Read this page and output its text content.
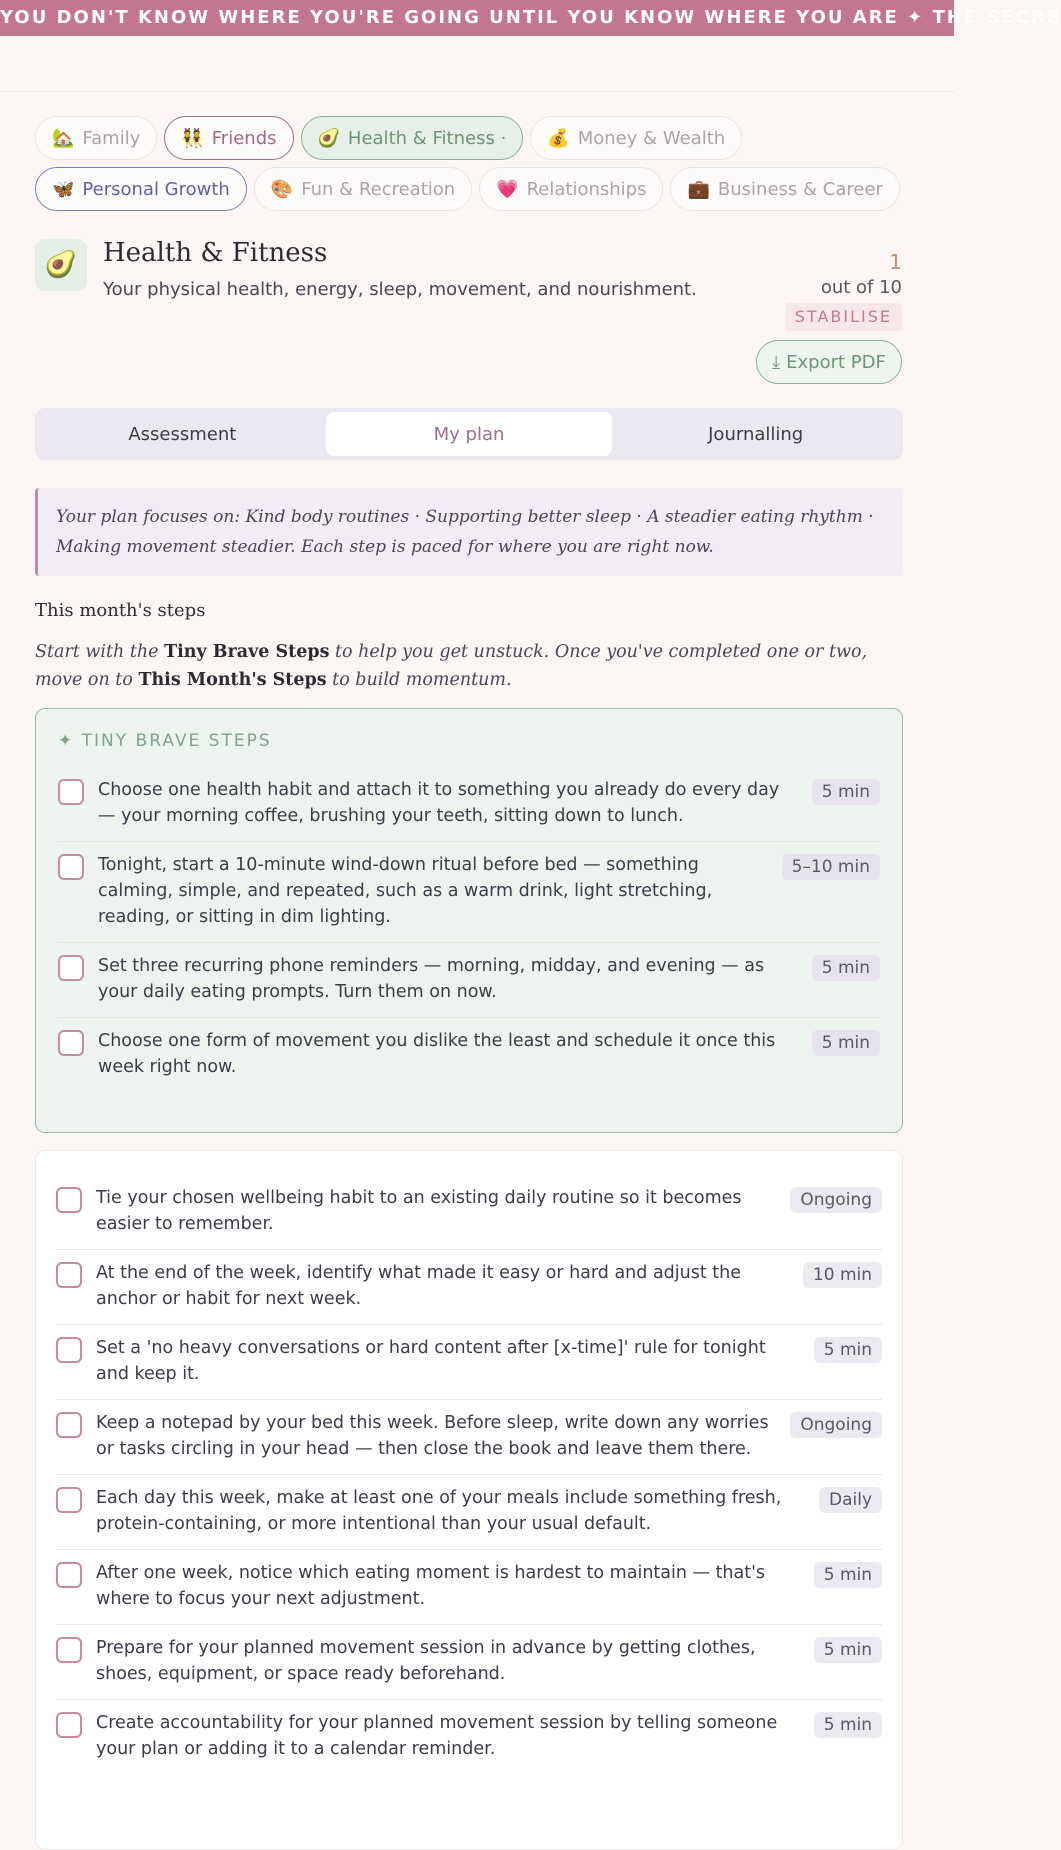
YOU DON'T KNOW WHERE YOU'RE GOING UNTIL YOU KNOW WHERE YOU ARE ✦ THE SECRE
🏡 Family 👯 Friends 🥑 Health & Fitness · 💰 Money & Wealth
🦋 Personal Growth 🎨 Fun & Recreation 💗 Relationships 💼 Business & Career
🥑 Health & Fitness
Your physical health, energy, sleep, movement, and nourishment.
1
out of 10
STABILISE
⤓ Export PDF
Assessment	My plan	Journalling
Your plan focuses on: Kind body routines · Supporting better sleep · A steadier eating rhythm · Making movement steadier. Each step is paced for where you are right now.
This month's steps
Start with the Tiny Brave Steps to help you get unstuck. Once you've completed one or two, move on to This Month's Steps to build momentum.
✦ TINY BRAVE STEPS
Choose one health habit and attach it to something you already do every day — your morning coffee, brushing your teeth, sitting down to lunch.
5 min
Tonight, start a 10-minute wind-down ritual before bed — something calming, simple, and repeated, such as a warm drink, light stretching, reading, or sitting in dim lighting.
5–10 min
Set three recurring phone reminders — morning, midday, and evening — as your daily eating prompts. Turn them on now.
5 min
Choose one form of movement you dislike the least and schedule it once this week right now.
5 min
Tie your chosen wellbeing habit to an existing daily routine so it becomes easier to remember.
Ongoing
At the end of the week, identify what made it easy or hard and adjust the anchor or habit for next week.
10 min
Set a 'no heavy conversations or hard content after [x-time]' rule for tonight and keep it.
5 min
Keep a notepad by your bed this week. Before sleep, write down any worries or tasks circling in your head — then close the book and leave them there.
Ongoing
Each day this week, make at least one of your meals include something fresh, protein-containing, or more intentional than your usual default.
Daily
After one week, notice which eating moment is hardest to maintain — that's where to focus your next adjustment.
5 min
Prepare for your planned movement session in advance by getting clothes, shoes, equipment, or space ready beforehand.
5 min
Create accountability for your planned movement session by telling someone your plan or adding it to a calendar reminder.
5 min
